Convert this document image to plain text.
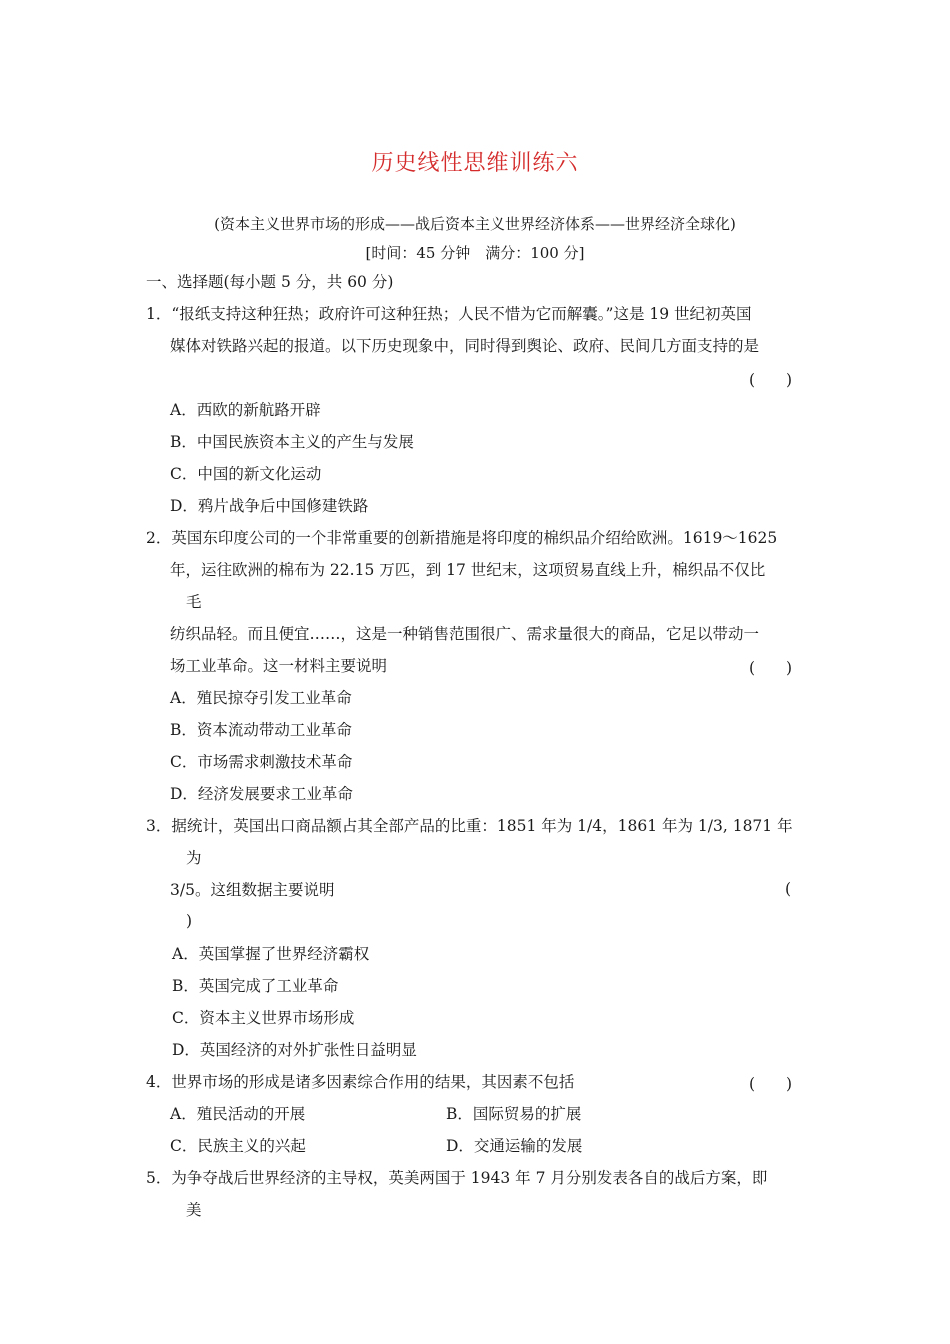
历史线性思维训练六
(资本主义世界市场的形成——战后资本主义世界经济体系——世界经济全球化)
[时间：45 分钟　满分：100 分]
一、选择题(每小题 5 分，共 60 分)
1．“报纸支持这种狂热；政府许可这种狂热；人民不惜为它而解囊。”这是 19 世纪初英国
媒体对铁路兴起的报道。以下历史现象中，同时得到舆论、政府、民间几方面支持的是
(　　)
A．西欧的新航路开辟
B．中国民族资本主义的产生与发展
C．中国的新文化运动
D．鸦片战争后中国修建铁路
2．英国东印度公司的一个非常重要的创新措施是将印度的棉织品介绍给欧洲。1619～1625
年，运往欧洲的棉布为 22.15 万匹，到 17 世纪末，这项贸易直线上升，棉织品不仅比
毛
纺织品轻。而且便宜……，这是一种销售范围很广、需求量很大的商品，它足以带动一
场工业革命。这一材料主要说明	(　　)
A．殖民掠夺引发工业革命
B．资本流动带动工业革命
C．市场需求刺激技术革命
D．经济发展要求工业革命
3．据统计，英国出口商品额占其全部产品的比重：1851 年为 1/4，1861 年为 1/3, 1871 年
为
3/5。这组数据主要说明	(
)
A．英国掌握了世界经济霸权
B．英国完成了工业革命
C．资本主义世界市场形成
D．英国经济的对外扩张性日益明显
4．世界市场的形成是诸多因素综合作用的结果，其因素不包括	(　　)
A．殖民活动的开展	B．国际贸易的扩展
C．民族主义的兴起	D．交通运输的发展
5．为争夺战后世界经济的主导权，英美两国于 1943 年 7 月分别发表各自的战后方案，即
美
